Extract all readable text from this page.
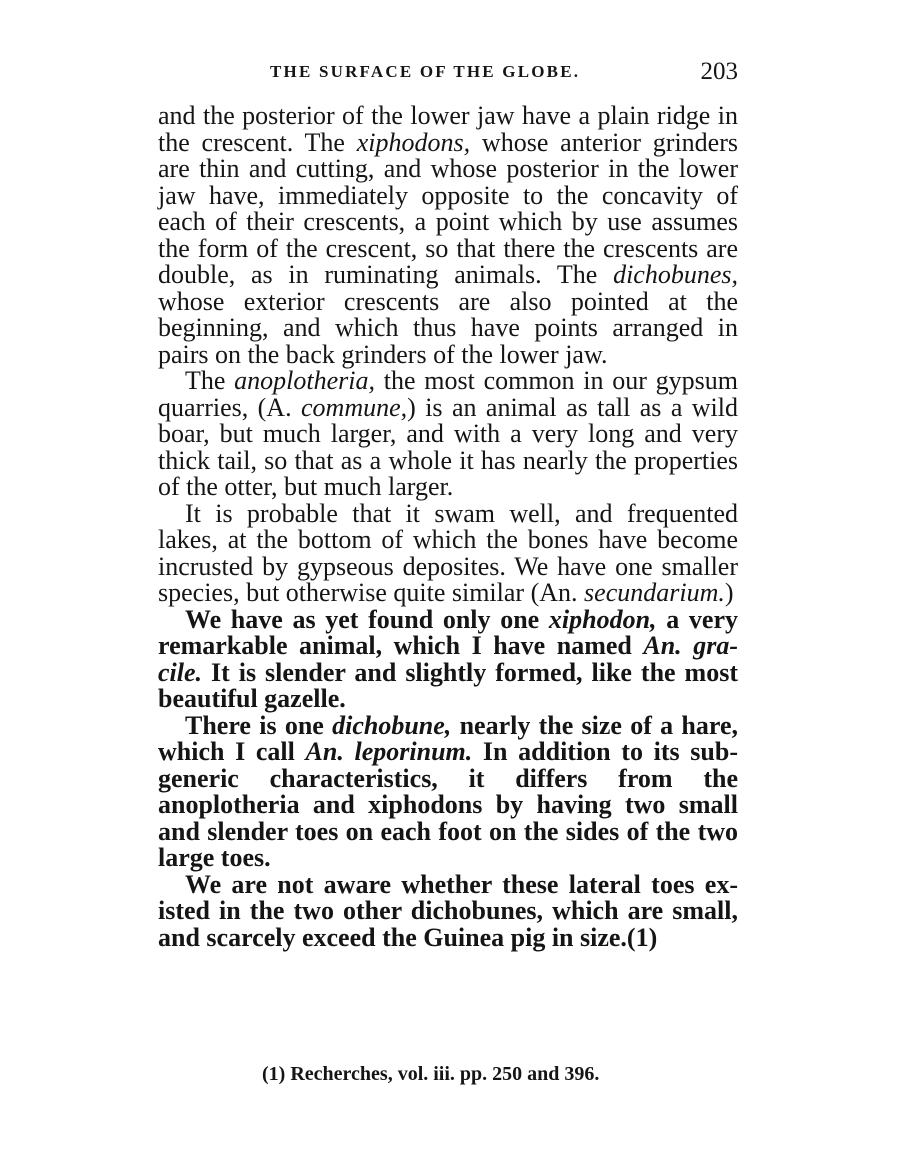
THE SURFACE OF THE GLOBE.	203

and the posterior of the lower jaw have a plain ridge in the crescent. The xiphodons, whose anterior grinders are thin and cutting, and whose posterior in the lower jaw have, immediately opposite to the concavity of each of their crescents, a point which by use assumes the form of the crescent, so that there the crescents are double, as in ruminating animals. The dichobunes, whose exterior crescents are also pointed at the beginning, and which thus have points arranged in pairs on the back grinders of the lower jaw.

The anoplotheria, the most common in our gypsum quarries, (A. commune,) is an animal as tall as a wild boar, but much larger, and with a very long and very thick tail, so that as a whole it has nearly the properties of the otter, but much larger.

It is probable that it swam well, and frequented lakes, at the bottom of which the bones have become incrusted by gypseous deposites. We have one smaller species, but otherwise quite similar (An. secundarium.)

We have as yet found only one xiphodon, a very remarkable animal, which I have named An. gracile. It is slender and slightly formed, like the most beautiful gazelle.

There is one dichobune, nearly the size of a hare, which I call An. leporinum. In addition to its subgeneric characteristics, it differs from the anoplotheria and xiphodons by having two small and slender toes on each foot on the sides of the two large toes.

We are not aware whether these lateral toes existed in the two other dichobunes, which are small, and scarcely exceed the Guinea pig in size.(1)

(1) Recherches, vol. iii. pp. 250 and 396.
